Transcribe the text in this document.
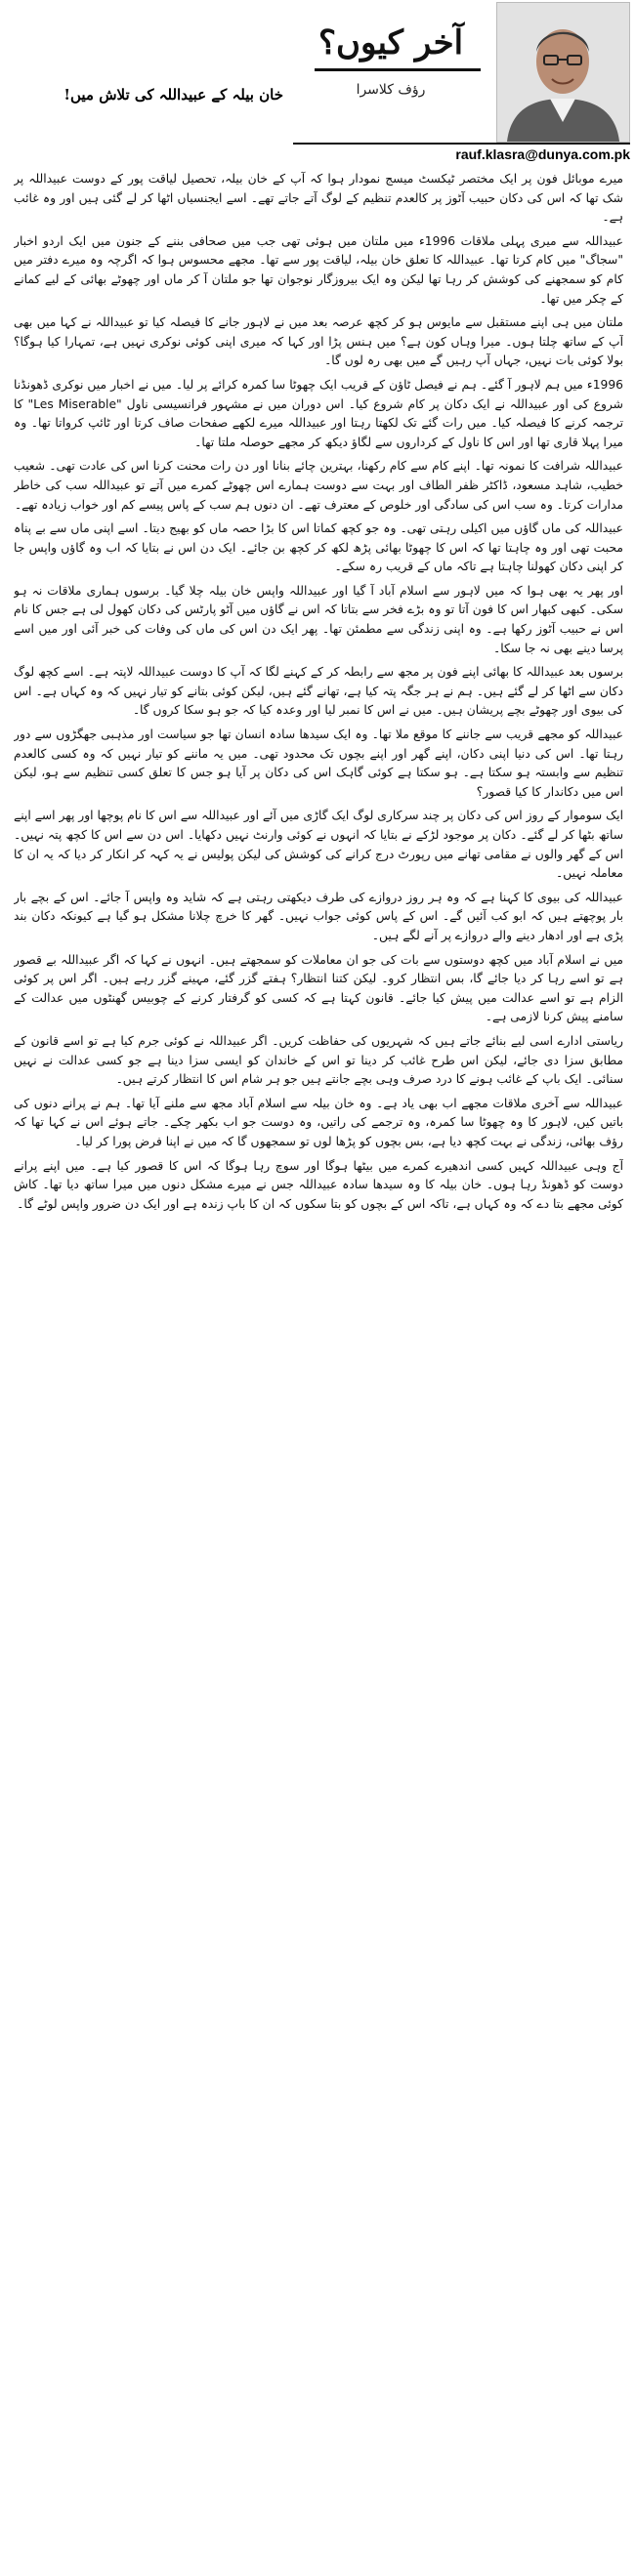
آخر کیوں؟
رؤف کلاسرا
rauf.klasra@dunya.com.pk
خان بیلہ کے عبیداللہ کی تلاش میں!

میرے موبائل فون پر ایک مختصر ٹیکسٹ میسج نمودار ہوا کہ آپ کے خان بیلہ، تحصیل لیاقت پور کے دوست عبیداللہ پر شک تھا کہ اس کی دکان حبیب آٹوز پر کالعدم تنظیم کے لوگ آتے جاتے تھے۔ اسے ایجنسیاں اٹھا کر لے گئی ہیں اور وہ غائب ہے۔

عبیداللہ سے میری پہلی ملاقات 1996ء میں ملتان میں ہوئی تھی جب میں صحافی بننے کے جنون میں ایک اردو اخبار "سجاگ" میں کام کرتا تھا۔ عبیداللہ کا تعلق خان بیلہ، لیاقت پور سے تھا۔ مجھے محسوس ہوا کہ اگرچہ وہ میرے دفتر میں کام کو سمجھنے کی کوشش کر رہا تھا لیکن وہ ایک بیروزگار نوجوان تھا جو ملتان آ کر ماں اور چھوٹے بھائی کے لیے کمانے کے چکر میں تھا۔

ملتان میں ہی اپنے مستقبل سے مایوس ہو کر کچھ عرصہ بعد میں نے لاہور جانے کا فیصلہ کیا تو عبیداللہ نے کہا میں بھی آپ کے ساتھ چلتا ہوں۔ میرا وہاں کون ہے؟ میں ہنس پڑا اور کہا کہ میری اپنی کوئی نوکری نہیں ہے، تمہارا کیا ہوگا؟ بولا کوئی بات نہیں، جہاں آپ رہیں گے میں بھی رہ لوں گا۔

1996ء میں ہم لاہور آ گئے۔ ہم نے فیصل ٹاؤن کے قریب ایک چھوٹا سا کمرہ کرائے پر لیا۔ میں نے اخبار میں نوکری ڈھونڈنا شروع کی اور عبیداللہ نے ایک دکان پر کام شروع کیا۔ اس دوران میں نے مشہور فرانسیسی ناول "Les Miserable" کا ترجمہ کرنے کا فیصلہ کیا۔ میں رات گئے تک لکھتا رہتا اور عبیداللہ میرے لکھے صفحات صاف کرتا اور ٹائپ کرواتا تھا۔ وہ میرا پہلا قاری تھا اور اس کا ناول کے کرداروں سے لگاؤ دیکھ کر مجھے حوصلہ ملتا تھا۔

عبیداللہ شرافت کا نمونہ تھا۔ اپنے کام سے کام رکھنا، بہترین چائے بنانا اور دن رات محنت کرنا اس کی عادت تھی۔ شعیب خطیب، شاہد مسعود، ڈاکٹر ظفر الطاف اور بہت سے دوست ہمارے اس چھوٹے کمرے میں آتے تو عبیداللہ سب کی خاطر مدارات کرتا۔ وہ سب اس کی سادگی اور خلوص کے معترف تھے۔ ان دنوں ہم سب کے پاس پیسے کم اور خواب زیادہ تھے۔

عبیداللہ کی ماں گاؤں میں اکیلی رہتی تھی۔ وہ جو کچھ کماتا اس کا بڑا حصہ ماں کو بھیج دیتا۔ اسے اپنی ماں سے بے پناہ محبت تھی اور وہ چاہتا تھا کہ اس کا چھوٹا بھائی پڑھ لکھ کر کچھ بن جائے۔ ایک دن اس نے بتایا کہ اب وہ گاؤں واپس جا کر اپنی دکان کھولنا چاہتا ہے تاکہ ماں کے قریب رہ سکے۔

اور پھر یہ بھی ہوا کہ میں لاہور سے اسلام آباد آ گیا اور عبیداللہ واپس خان بیلہ چلا گیا۔ برسوں ہماری ملاقات نہ ہو سکی۔ کبھی کبھار اس کا فون آتا تو وہ بڑے فخر سے بتاتا کہ اس نے گاؤں میں آٹو پارٹس کی دکان کھول لی ہے جس کا نام اس نے حبیب آٹوز رکھا ہے۔ وہ اپنی زندگی سے مطمئن تھا۔ پھر ایک دن اس کی ماں کی وفات کی خبر آئی اور میں اسے پرسا دینے بھی نہ جا سکا۔

برسوں بعد عبیداللہ کا بھائی اپنے فون پر مجھ سے رابطہ کر کے کہنے لگا کہ آپ کا دوست عبیداللہ لاپتہ ہے۔ اسے کچھ لوگ دکان سے اٹھا کر لے گئے ہیں۔ ہم نے ہر جگہ پتہ کیا ہے، تھانے گئے ہیں، لیکن کوئی بتانے کو تیار نہیں کہ وہ کہاں ہے۔ اس کی بیوی اور چھوٹے بچے پریشان ہیں۔ میں نے اس کا نمبر لیا اور وعدہ کیا کہ جو ہو سکا کروں گا۔

عبیداللہ کو مجھے قریب سے جاننے کا موقع ملا تھا۔ وہ ایک سیدھا سادہ انسان تھا جو سیاست اور مذہبی جھگڑوں سے دور رہتا تھا۔ اس کی دنیا اپنی دکان، اپنے گھر اور اپنے بچوں تک محدود تھی۔ میں یہ ماننے کو تیار نہیں کہ وہ کسی کالعدم تنظیم سے وابستہ ہو سکتا ہے۔ ہو سکتا ہے کوئی گاہک اس کی دکان پر آیا ہو جس کا تعلق کسی تنظیم سے ہو، لیکن اس میں دکاندار کا کیا قصور؟

ایک سوموار کے روز اس کی دکان پر چند سرکاری لوگ ایک گاڑی میں آئے اور عبیداللہ سے اس کا نام پوچھا اور پھر اسے اپنے ساتھ بٹھا کر لے گئے۔ دکان پر موجود لڑکے نے بتایا کہ انہوں نے کوئی وارنٹ نہیں دکھایا۔ اس دن سے اس کا کچھ پتہ نہیں۔ اس کے گھر والوں نے مقامی تھانے میں رپورٹ درج کرانے کی کوشش کی لیکن پولیس نے یہ کہہ کر انکار کر دیا کہ یہ ان کا معاملہ نہیں۔

عبیداللہ کی بیوی کا کہنا ہے کہ وہ ہر روز دروازے کی طرف دیکھتی رہتی ہے کہ شاید وہ واپس آ جائے۔ اس کے بچے بار بار پوچھتے ہیں کہ ابو کب آئیں گے۔ اس کے پاس کوئی جواب نہیں۔ گھر کا خرچ چلانا مشکل ہو گیا ہے کیونکہ دکان بند پڑی ہے اور ادھار دینے والے دروازے پر آنے لگے ہیں۔

میں نے اسلام آباد میں کچھ دوستوں سے بات کی جو ان معاملات کو سمجھتے ہیں۔ انہوں نے کہا کہ اگر عبیداللہ بے قصور ہے تو اسے رہا کر دیا جائے گا، بس انتظار کرو۔ لیکن کتنا انتظار؟ ہفتے گزر گئے، مہینے گزر رہے ہیں۔ اگر اس پر کوئی الزام ہے تو اسے عدالت میں پیش کیا جائے۔ قانون کہتا ہے کہ کسی کو گرفتار کرنے کے چوبیس گھنٹوں میں عدالت کے سامنے پیش کرنا لازمی ہے۔

ریاستی ادارے اسی لیے بنائے جاتے ہیں کہ شہریوں کی حفاظت کریں۔ اگر عبیداللہ نے کوئی جرم کیا ہے تو اسے قانون کے مطابق سزا دی جائے، لیکن اس طرح غائب کر دینا تو اس کے خاندان کو ایسی سزا دینا ہے جو کسی عدالت نے نہیں سنائی۔ ایک باپ کے غائب ہونے کا درد صرف وہی بچے جانتے ہیں جو ہر شام اس کا انتظار کرتے ہیں۔

عبیداللہ سے آخری ملاقات مجھے اب بھی یاد ہے۔ وہ خان بیلہ سے اسلام آباد مجھ سے ملنے آیا تھا۔ ہم نے پرانے دنوں کی باتیں کیں، لاہور کا وہ چھوٹا سا کمرہ، وہ ترجمے کی راتیں، وہ دوست جو اب بکھر چکے۔ جاتے ہوئے اس نے کہا تھا کہ رؤف بھائی، زندگی نے بہت کچھ دیا ہے، بس بچوں کو پڑھا لوں تو سمجھوں گا کہ میں نے اپنا فرض پورا کر لیا۔

آج وہی عبیداللہ کہیں کسی اندھیرے کمرے میں بیٹھا ہوگا اور سوچ رہا ہوگا کہ اس کا قصور کیا ہے۔ میں اپنے پرانے دوست کو ڈھونڈ رہا ہوں۔ خان بیلہ کا وہ سیدھا سادہ عبیداللہ جس نے میرے مشکل دنوں میں میرا ساتھ دیا تھا۔ کاش کوئی مجھے بتا دے کہ وہ کہاں ہے، تاکہ اس کے بچوں کو بتا سکوں کہ ان کا باپ زندہ ہے اور ایک دن ضرور واپس لوٹے گا۔
